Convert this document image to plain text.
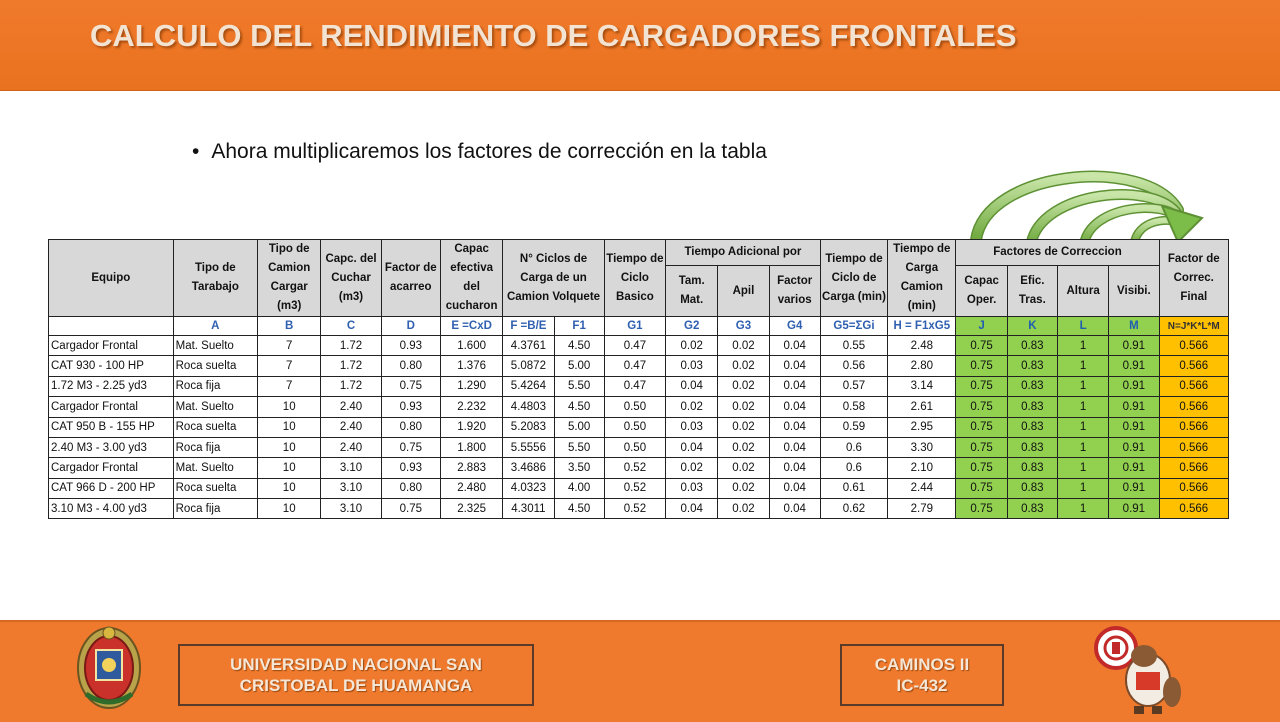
CALCULO DEL RENDIMIENTO DE CARGADORES FRONTALES
• Ahora multiplicaremos los factores de corrección en la tabla
Equipo	Tipo de Tarabajo	Tipo de Camion Cargar (m3)	Capc. del Cuchar (m3)	Factor de acarreo	Capac efectiva del cucharon	N° Ciclos de Carga de un Camion Volquete		Tiempo de Ciclo Basico	Tiempo Adicional por			Tiempo de Ciclo de Carga (min)	Tiempo de Carga Camion (min)	Factores de Correccion				Factor de Correc. Final
									Tam. Mat.	Apil	Factor varios			Capac Oper.	Efic. Tras.	Altura	Visibi.	
	A	B	C	D	E =CxD	F =B/E	F1	G1	G2	G3	G4	G5=ΣGi	H = F1xG5	J	K	L	M	N=J*K*L*M
Cargador Frontal	Mat. Suelto	7	1.72	0.93	1.600	4.3761	4.50	0.47	0.02	0.02	0.04	0.55	2.48	0.75	0.83	1	0.91	0.566
CAT 930 - 100 HP	Roca suelta	7	1.72	0.80	1.376	5.0872	5.00	0.47	0.03	0.02	0.04	0.56	2.80	0.75	0.83	1	0.91	0.566
1.72 M3 - 2.25 yd3	Roca fija	7	1.72	0.75	1.290	5.4264	5.50	0.47	0.04	0.02	0.04	0.57	3.14	0.75	0.83	1	0.91	0.566
Cargador Frontal	Mat. Suelto	10	2.40	0.93	2.232	4.4803	4.50	0.50	0.02	0.02	0.04	0.58	2.61	0.75	0.83	1	0.91	0.566
CAT 950 B - 155 HP	Roca suelta	10	2.40	0.80	1.920	5.2083	5.00	0.50	0.03	0.02	0.04	0.59	2.95	0.75	0.83	1	0.91	0.566
2.40 M3 - 3.00 yd3	Roca fija	10	2.40	0.75	1.800	5.5556	5.50	0.50	0.04	0.02	0.04	0.6	3.30	0.75	0.83	1	0.91	0.566
Cargador Frontal	Mat. Suelto	10	3.10	0.93	2.883	3.4686	3.50	0.52	0.02	0.02	0.04	0.6	2.10	0.75	0.83	1	0.91	0.566
CAT 966 D - 200 HP	Roca suelta	10	3.10	0.80	2.480	4.0323	4.00	0.52	0.03	0.02	0.04	0.61	2.44	0.75	0.83	1	0.91	0.566
3.10 M3 - 4.00 yd3	Roca fija	10	3.10	0.75	2.325	4.3011	4.50	0.52	0.04	0.02	0.04	0.62	2.79	0.75	0.83	1	0.91	0.566
UNIVERSIDAD NACIONAL SAN
CRISTOBAL DE HUAMANGA
CAMINOS II
IC-432
